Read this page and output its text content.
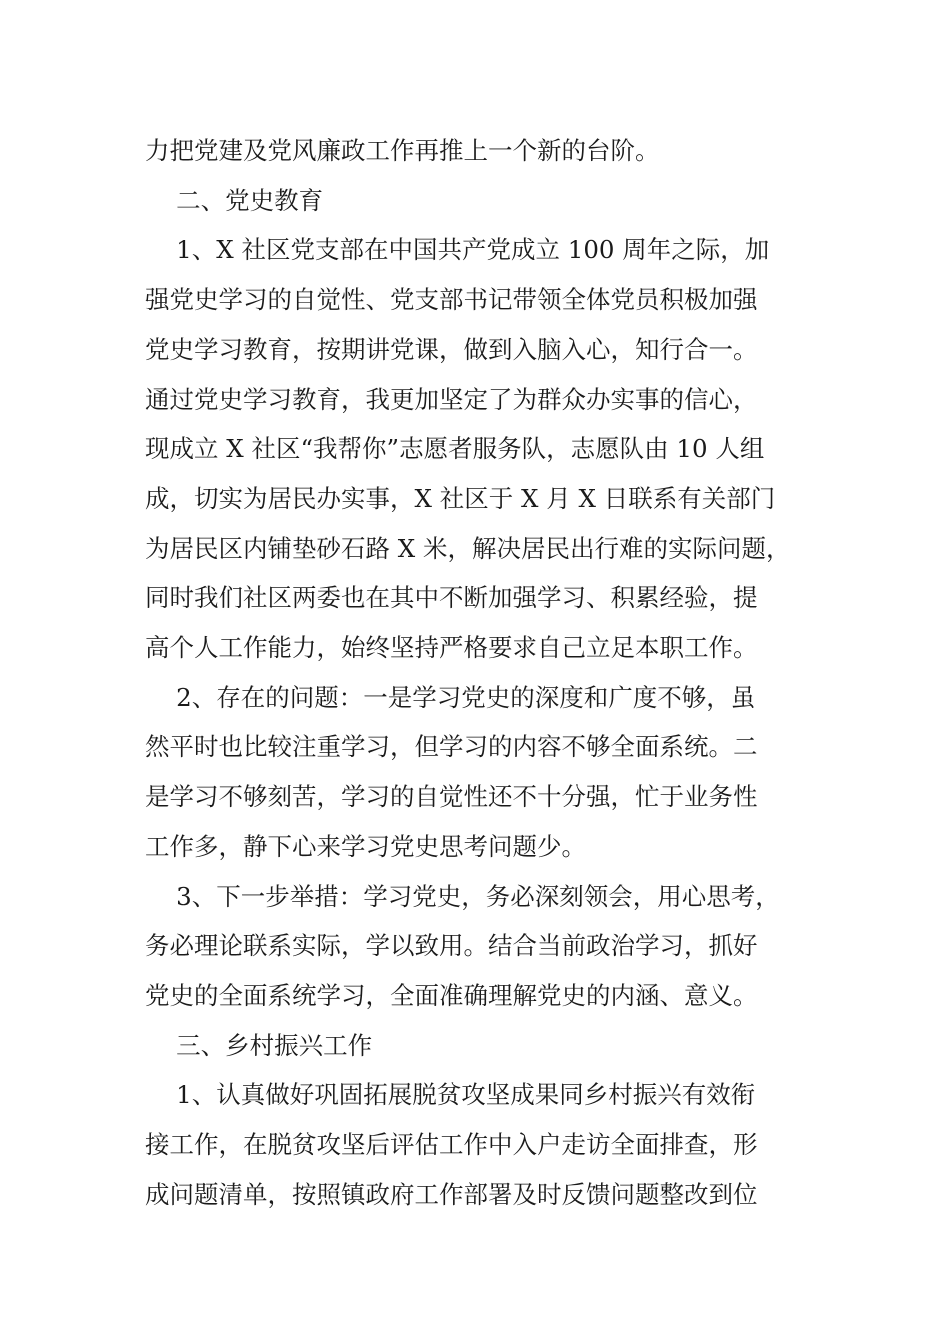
力把党建及党风廉政工作再推上一个新的台阶。

二、党史教育

1、X 社区党支部在中国共产党成立 100 周年之际，加

强党史学习的自觉性、党支部书记带领全体党员积极加强

党史学习教育，按期讲党课，做到入脑入心，知行合一。

通过党史学习教育，我更加坚定了为群众办实事的信心，

现成立 X 社区“我帮你”志愿者服务队，志愿队由 10 人组

成，切实为居民办实事，X 社区于 X 月 X 日联系有关部门

为居民区内铺垫砂石路 X 米，解决居民出行难的实际问题，

同时我们社区两委也在其中不断加强学习、积累经验，提

高个人工作能力，始终坚持严格要求自己立足本职工作。

2、存在的问题：一是学习党史的深度和广度不够，虽

然平时也比较注重学习，但学习的内容不够全面系统。二

是学习不够刻苦，学习的自觉性还不十分强，忙于业务性

工作多，静下心来学习党史思考问题少。

3、下一步举措：学习党史，务必深刻领会，用心思考，

务必理论联系实际，学以致用。结合当前政治学习，抓好

党史的全面系统学习，全面准确理解党史的内涵、意义。

三、乡村振兴工作

1、认真做好巩固拓展脱贫攻坚成果同乡村振兴有效衔

接工作，在脱贫攻坚后评估工作中入户走访全面排查，形

成问题清单，按照镇政府工作部署及时反馈问题整改到位
